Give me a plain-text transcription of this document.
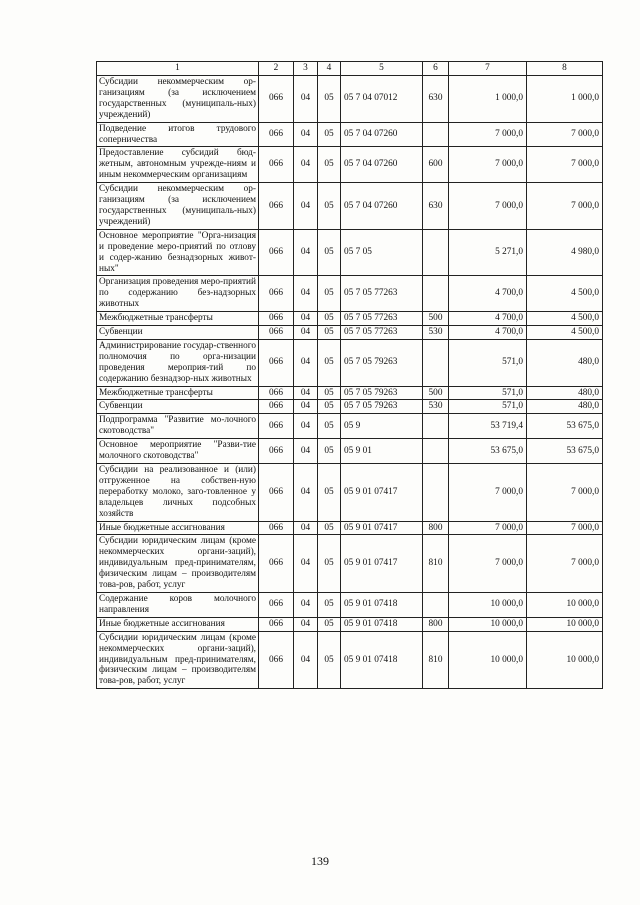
1	2	3	4	5	6	7	8
Субсидии некоммерческим ор-ганизациям (за исключением государственных (муниципаль-ных) учреждений)	066	04	05	05 7 04 07012	630	1 000,0	1 000,0
Подведение итогов трудового соперничества	066	04	05	05 7 04 07260		7 000,0	7 000,0
Предоставление субсидий бюд-жетным, автономным учрежде-ниям и иным некоммерческим организациям	066	04	05	05 7 04 07260	600	7 000,0	7 000,0
Субсидии некоммерческим ор-ганизациям (за исключением государственных (муниципаль-ных) учреждений)	066	04	05	05 7 04 07260	630	7 000,0	7 000,0
Основное мероприятие "Орга-низация и проведение меро-приятий по отлову и содер-жанию безнадзорных живот-ных"	066	04	05	05 7 05		5 271,0	4 980,0
Организация проведения меро-приятий по содержанию без-надзорных животных	066	04	05	05 7 05 77263		4 700,0	4 500,0
Межбюджетные трансферты	066	04	05	05 7 05 77263	500	4 700,0	4 500,0
Субвенции	066	04	05	05 7 05 77263	530	4 700,0	4 500,0
Администрирование государ-ственного полномочия по орга-низации проведения мероприя-тий по содержанию безнадзор-ных животных	066	04	05	05 7 05 79263		571,0	480,0
Межбюджетные трансферты	066	04	05	05 7 05 79263	500	571,0	480,0
Субвенции	066	04	05	05 7 05 79263	530	571,0	480,0
Подпрограмма "Развитие мо-лочного скотоводства"	066	04	05	05 9		53 719,4	53 675,0
Основное мероприятие "Разви-тие молочного скотоводства"	066	04	05	05 9 01		53 675,0	53 675,0
Субсидии на реализованное и (или) отгруженное на собствен-ную переработку молоко, заго-товленное у владельцев личных подсобных хозяйств	066	04	05	05 9 01 07417		7 000,0	7 000,0
Иные бюджетные ассигнования	066	04	05	05 9 01 07417	800	7 000,0	7 000,0
Субсидии юридическим лицам (кроме некоммерческих органи-заций), индивидуальным пред-принимателям, физическим лицам – производителям това-ров, работ, услуг	066	04	05	05 9 01 07417	810	7 000,0	7 000,0
Содержание коров молочного направления	066	04	05	05 9 01 07418		10 000,0	10 000,0
Иные бюджетные ассигнования	066	04	05	05 9 01 07418	800	10 000,0	10 000,0
Субсидии юридическим лицам (кроме некоммерческих органи-заций), индивидуальным пред-принимателям, физическим лицам – производителям това-ров, работ, услуг	066	04	05	05 9 01 07418	810	10 000,0	10 000,0
139
